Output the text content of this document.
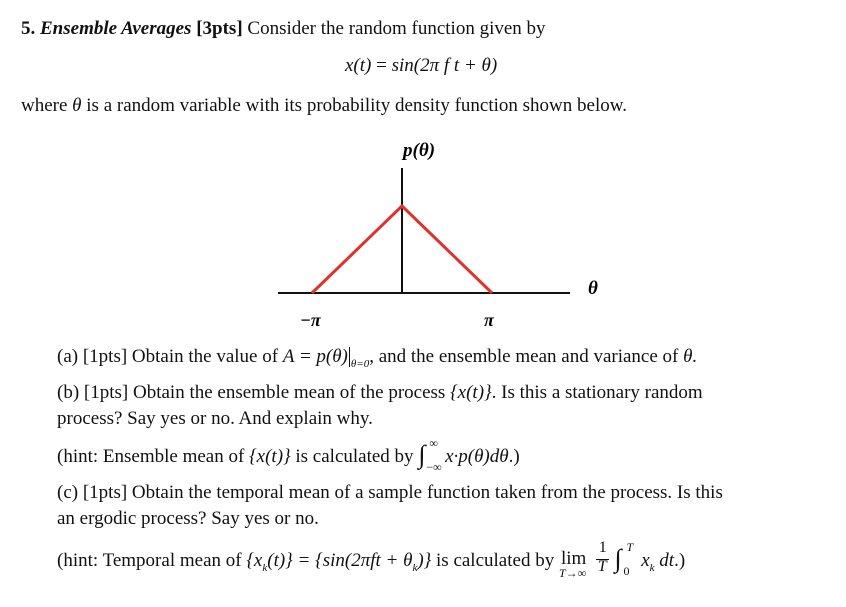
5. Ensemble Averages [3pts] Consider the random function given by
x(t) = sin(2π f t + θ)
where θ is a random variable with its probability density function shown below.
p(θ)
θ
−π	π
(a) [1pts] Obtain the value of A = p(θ) $_{\theta=0}$, and the ensemble mean and variance of θ.
(b) [1pts] Obtain the ensemble mean of the process {x(t)}. Is this a stationary random
process? Say yes or no. And explain why.
(hint: Ensemble mean of {x(t)} is calculated by ∫ ∞
−∞ x·p(θ)dθ.)
(c) [1pts] Obtain the temporal mean of a sample function taken from the process. Is this
an ergodic process? Say yes or no.
(hint: Temporal mean of $\{x_k(t)\} = \{\sin(2\pi ft + \theta_k)\}$ is calculated by lim
T→∞
$\frac{1}{T}$
∫ T
0 $x_k$ dt.)
